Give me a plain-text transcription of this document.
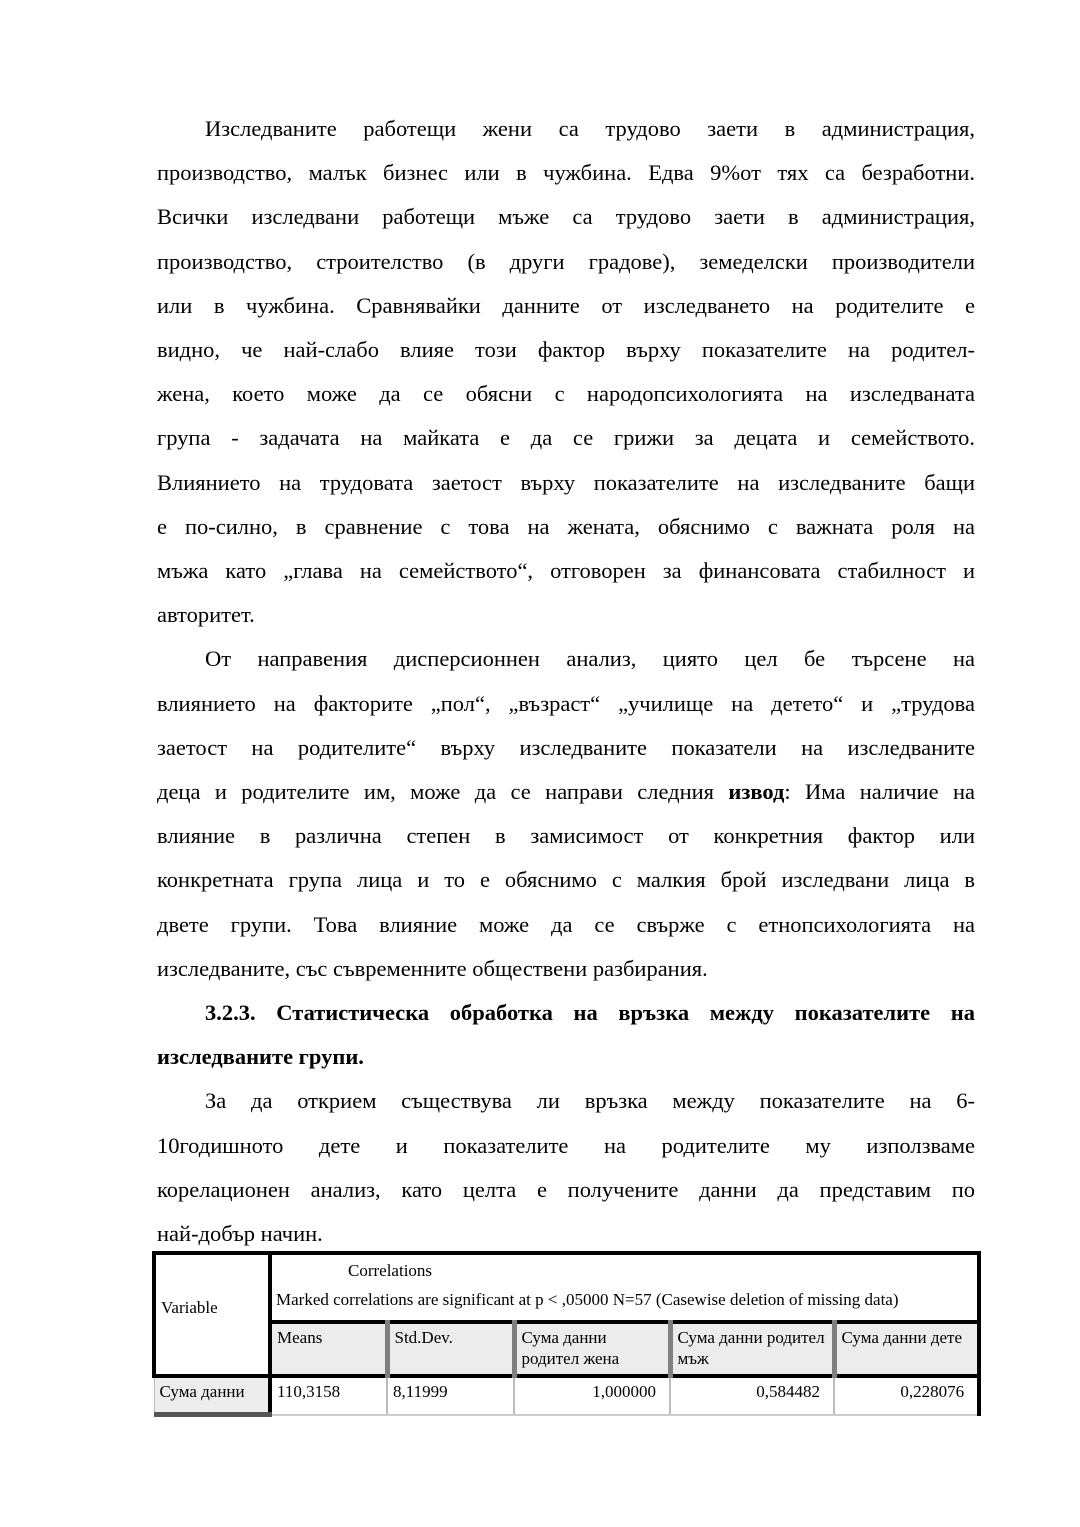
Изследваните работещи жени са трудово заети в администрация,
производство, малък бизнес или в чужбина. Едва 9%от тях са безработни.
Всички изследвани работещи мъже са трудово заети в администрация,
производство, строителство (в други градове), земеделски производители
или в чужбина. Сравнявайки данните от изследването на родителите е
видно, че най-слабо влияе този фактор върху показателите на родител-
жена, което може да се обясни с народопсихологията на изследваната
група - задачата на майката е да се грижи за децата и семейството.
Влиянието на трудовата заетост върху показателите на изследваните бащи
е по-силно, в сравнение с това на жената, обяснимо с важната роля на
мъжа като „глава на семейството“, отговорен за финансовата стабилност и
авторитет.
От направения дисперсионнен анализ, циято цел бе търсене на
влиянието на факторите „пол“, „възраст“ „училище на детето“ и „трудова
заетост на родителите“ върху изследваните показатели на изследваните
деца и родителите им, може да се направи следния извод: Има наличие на
влияние в различна степен в замисимост от конкретния фактор или
конкретната група лица и то е обяснимо с малкия брой изследвани лица в
двете групи. Това влияние може да се свърже с етнопсихологията на
изследваните, със съвременните обществени разбирания.
3.2.3. Статистическа обработка на връзка между показателите на
изследваните групи.
За да открием съществува ли връзка между показателите на 6-
10годишното дете и показателите на родителите му използваме
корелационен анализ, като целта е получените данни да представим по
най-добър начин.
Variable	Correlations
Marked correlations are significant at p < ,05000 N=57 (Casewise deletion of missing data)				

	Means	Std.Dev.	Сума данни родител жена	Сума данни родител мъж	Сума данни дете
Сума данни	110,3158	8,11999	1,000000	0,584482	0,228076
